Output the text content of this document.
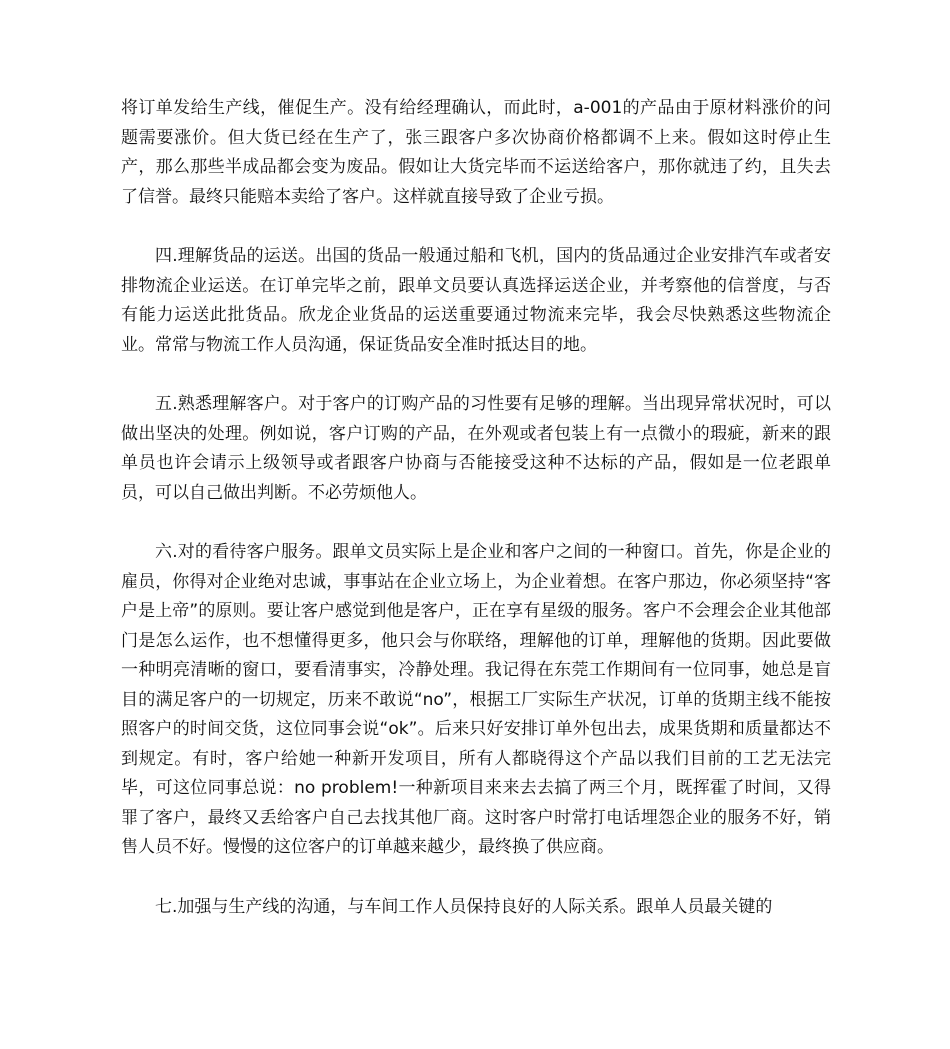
将订单发给生产线，催促生产。没有给经理确认，而此时，a-001的产品由于原材料涨价的问题需要涨价。但大货已经在生产了，张三跟客户多次协商价格都调不上来。假如这时停止生产，那么那些半成品都会变为废品。假如让大货完毕而不运送给客户，那你就违了约，且失去了信誉。最终只能赔本卖给了客户。这样就直接导致了企业亏损。

四.理解货品的运送。出国的货品一般通过船和飞机，国内的货品通过企业安排汽车或者安排物流企业运送。在订单完毕之前，跟单文员要认真选择运送企业，并考察他的信誉度，与否有能力运送此批货品。欣龙企业货品的运送重要通过物流来完毕，我会尽快熟悉这些物流企业。常常与物流工作人员沟通，保证货品安全准时抵达目的地。

五.熟悉理解客户。对于客户的订购产品的习性要有足够的理解。当出现异常状况时，可以做出坚决的处理。例如说，客户订购的产品，在外观或者包装上有一点微小的瑕疵，新来的跟单员也许会请示上级领导或者跟客户协商与否能接受这种不达标的产品，假如是一位老跟单员，可以自己做出判断。不必劳烦他人。

六.对的看待客户服务。跟单文员实际上是企业和客户之间的一种窗口。首先，你是企业的雇员，你得对企业绝对忠诚，事事站在企业立场上，为企业着想。在客户那边，你必须坚持“客户是上帝”的原则。要让客户感觉到他是客户，正在享有星级的服务。客户不会理会企业其他部门是怎么运作，也不想懂得更多，他只会与你联络，理解他的订单，理解他的货期。因此要做一种明亮清晰的窗口，要看清事实，冷静处理。我记得在东莞工作期间有一位同事，她总是盲目的满足客户的一切规定，历来不敢说“no”，根据工厂实际生产状况，订单的货期主线不能按照客户的时间交货，这位同事会说“ok”。后来只好安排订单外包出去，成果货期和质量都达不到规定。有时，客户给她一种新开发项目，所有人都晓得这个产品以我们目前的工艺无法完毕，可这位同事总说：no problem!一种新项目来来去去搞了两三个月，既挥霍了时间，又得罪了客户，最终又丢给客户自己去找其他厂商。这时客户时常打电话埋怨企业的服务不好，销售人员不好。慢慢的这位客户的订单越来越少，最终换了供应商。

七.加强与生产线的沟通，与车间工作人员保持良好的人际关系。跟单人员最关键的
